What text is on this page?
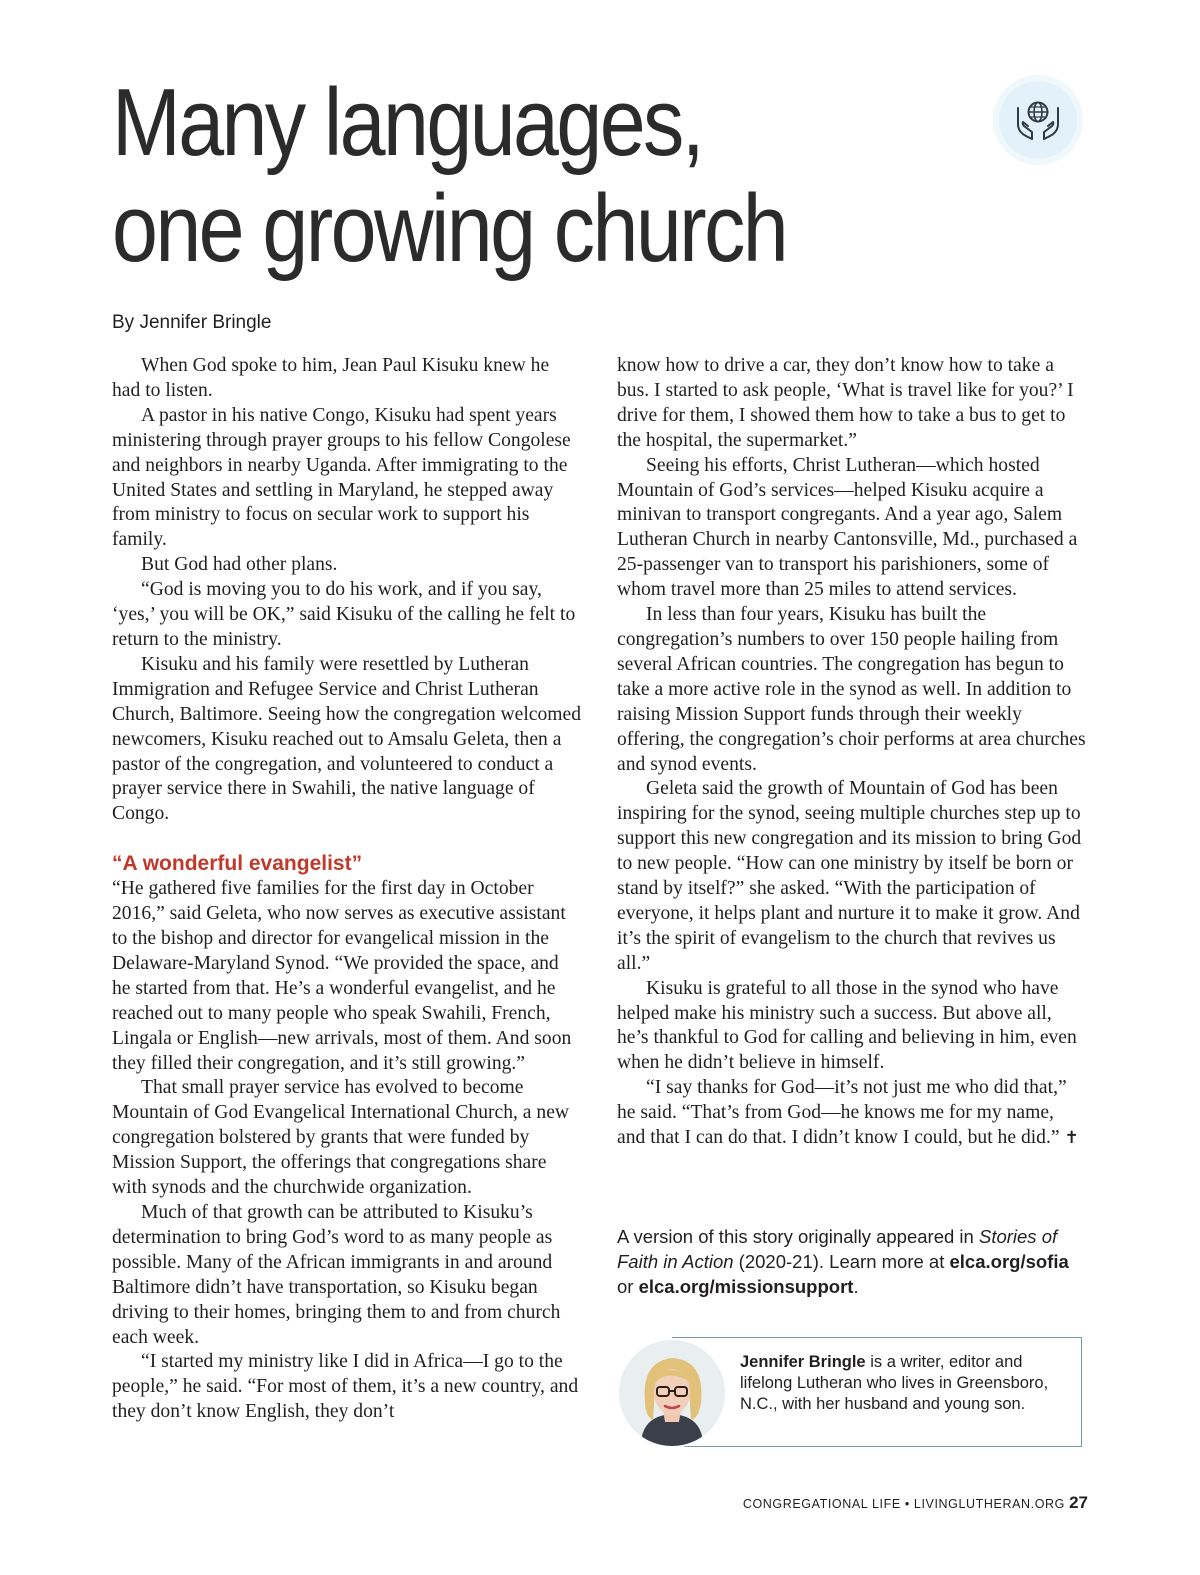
Many languages,
one growing church

By Jennifer Bringle

When God spoke to him, Jean Paul Kisuku knew he had to listen.

A pastor in his native Congo, Kisuku had spent years ministering through prayer groups to his fellow Congolese and neighbors in nearby Uganda. After immigrating to the United States and settling in Maryland, he stepped away from ministry to focus on secular work to support his family.

But God had other plans.

“God is moving you to do his work, and if you say, ‘yes,’ you will be OK,” said Kisuku of the calling he felt to return to the ministry.

Kisuku and his family were resettled by Lutheran Immigration and Refugee Service and Christ Lutheran Church, Baltimore. Seeing how the congregation welcomed newcomers, Kisuku reached out to Amsalu Geleta, then a pastor of the congregation, and volunteered to conduct a prayer service there in Swahili, the native language of Congo.

“A wonderful evangelist”

“He gathered five families for the first day in October 2016,” said Geleta, who now serves as executive assistant to the bishop and director for evangelical mission in the Delaware-Maryland Synod. “We provided the space, and he started from that. He’s a wonderful evangelist, and he reached out to many people who speak Swahili, French, Lingala or English—new arrivals, most of them. And soon they filled their congregation, and it’s still growing.”

That small prayer service has evolved to become Mountain of God Evangelical International Church, a new congregation bolstered by grants that were funded by Mission Support, the offerings that congregations share with synods and the churchwide organization.

Much of that growth can be attributed to Kisuku’s determination to bring God’s word to as many people as possible. Many of the African immigrants in and around Baltimore didn’t have transportation, so Kisuku began driving to their homes, bringing them to and from church each week.

“I started my ministry like I did in Africa—I go to the people,” he said. “For most of them, it’s a new country, and they don’t know English, they don’t

know how to drive a car, they don’t know how to take a bus. I started to ask people, ‘What is travel like for you?’ I drive for them, I showed them how to take a bus to get to the hospital, the supermarket.”

Seeing his efforts, Christ Lutheran—which hosted Mountain of God’s services—helped Kisuku acquire a minivan to transport congregants. And a year ago, Salem Lutheran Church in nearby Cantonsville, Md., purchased a 25-passenger van to transport his parishioners, some of whom travel more than 25 miles to attend services.

In less than four years, Kisuku has built the congregation’s numbers to over 150 people hailing from several African countries. The congregation has begun to take a more active role in the synod as well. In addition to raising Mission Support funds through their weekly offering, the congregation’s choir performs at area churches and synod events.

Geleta said the growth of Mountain of God has been inspiring for the synod, seeing multiple churches step up to support this new congregation and its mission to bring God to new people. “How can one ministry by itself be born or stand by itself?” she asked. “With the participation of everyone, it helps plant and nurture it to make it grow. And it’s the spirit of evangelism to the church that revives us all.”

Kisuku is grateful to all those in the synod who have helped make his ministry such a success. But above all, he’s thankful to God for calling and believing in him, even when he didn’t believe in himself.

“I say thanks for God—it’s not just me who did that,” he said. “That’s from God—he knows me for my name, and that I can do that. I didn’t know I could, but he did.” ✝

A version of this story originally appeared in Stories of Faith in Action (2020-21). Learn more at elca.org/sofia or elca.org/missionsupport.

Jennifer Bringle is a writer, editor and lifelong Lutheran who lives in Greensboro, N.C., with her husband and young son.

CONGREGATIONAL LIFE • LIVINGLUTHERAN.ORG 27
